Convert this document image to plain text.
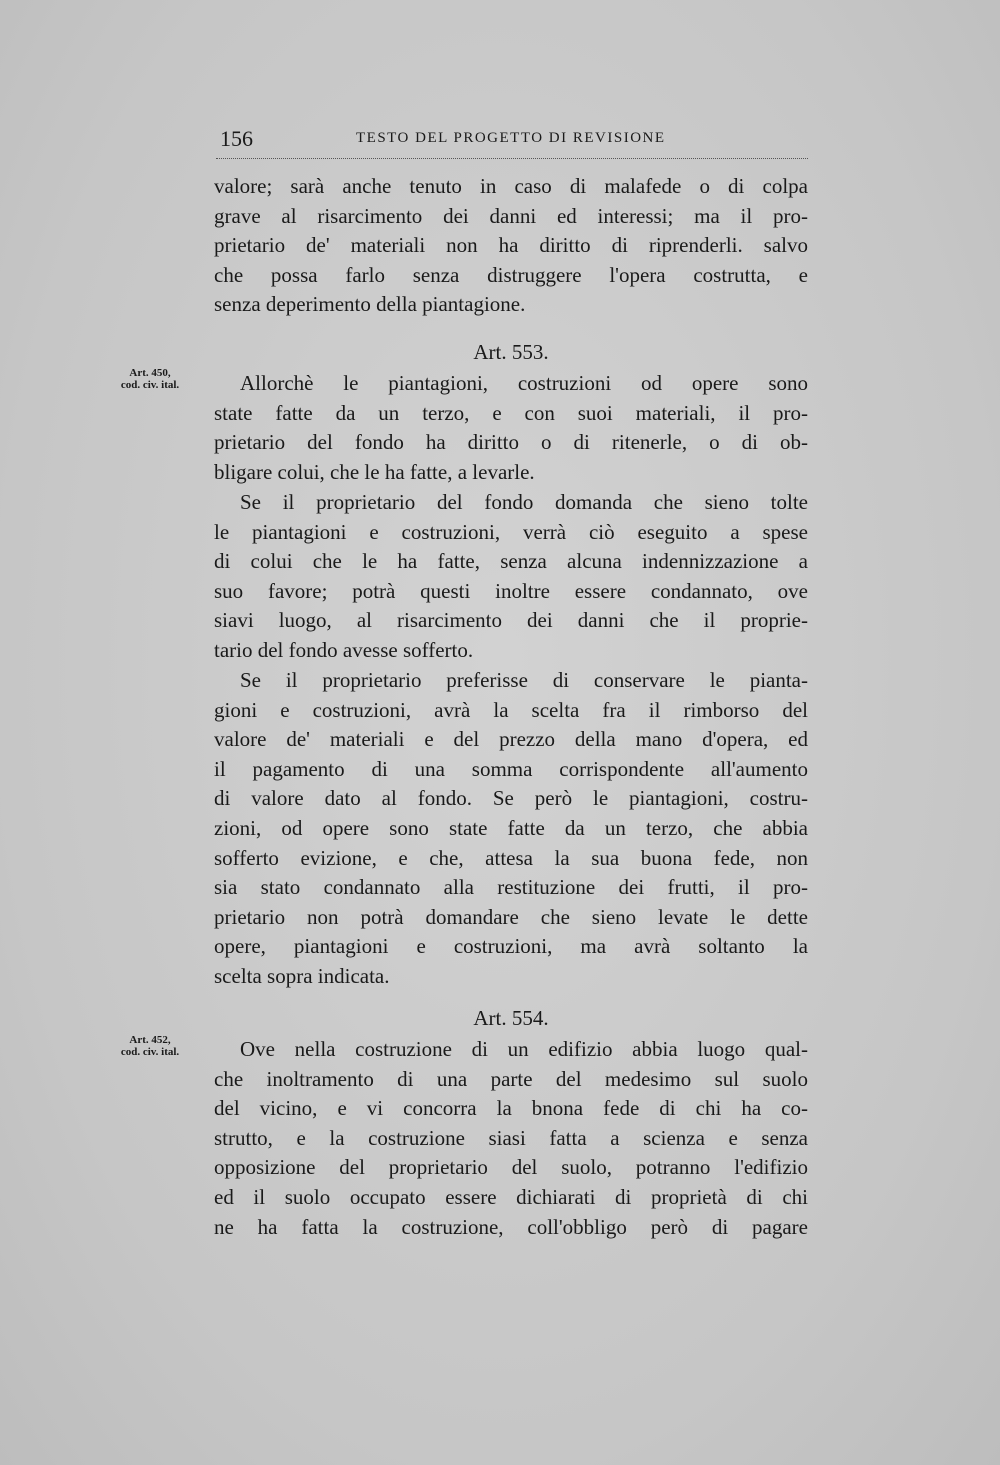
156	TESTO DEL PROGETTO DI REVISIONE
valore; sarà anche tenuto in caso di malafede o di colpa
grave al risarcimento dei danni ed interessi; ma il pro-
prietario de' materiali non ha diritto di riprenderli. salvo
che possa farlo senza distruggere l'opera costrutta, e
senza deperimento della piantagione.
Art. 553.
Art. 450,
cod. civ. ital.	Allorchè le piantagioni, costruzioni od opere sono
state fatte da un terzo, e con suoi materiali, il pro-
prietario del fondo ha diritto o di ritenerle, o di ob-
bligare colui, che le ha fatte, a levarle.
Se il proprietario del fondo domanda che sieno tolte
le piantagioni e costruzioni, verrà ciò eseguito a spese
di colui che le ha fatte, senza alcuna indennizzazione a
suo favore; potrà questi inoltre essere condannato, ove
siavi luogo, al risarcimento dei danni che il proprie-
tario del fondo avesse sofferto.
Se il proprietario preferisse di conservare le pianta-
gioni e costruzioni, avrà la scelta fra il rimborso del
valore de' materiali e del prezzo della mano d'opera, ed
il pagamento di una somma corrispondente all'aumento
di valore dato al fondo. Se però le piantagioni, costru-
zioni, od opere sono state fatte da un terzo, che abbia
sofferto evizione, e che, attesa la sua buona fede, non
sia stato condannato alla restituzione dei frutti, il pro-
prietario non potrà domandare che sieno levate le dette
opere, piantagioni e costruzioni, ma avrà soltanto la
scelta sopra indicata.
Art. 554.
Art. 452,
cod. civ. ital.	Ove nella costruzione di un edifizio abbia luogo qual-
che inoltramento di una parte del medesimo sul suolo
del vicino, e vi concorra la bnona fede di chi ha co-
strutto, e la costruzione siasi fatta a scienza e senza
opposizione del proprietario del suolo, potranno l'edifizio
ed il suolo occupato essere dichiarati di proprietà di chi
ne ha fatta la costruzione, coll'obbligo però di pagare
